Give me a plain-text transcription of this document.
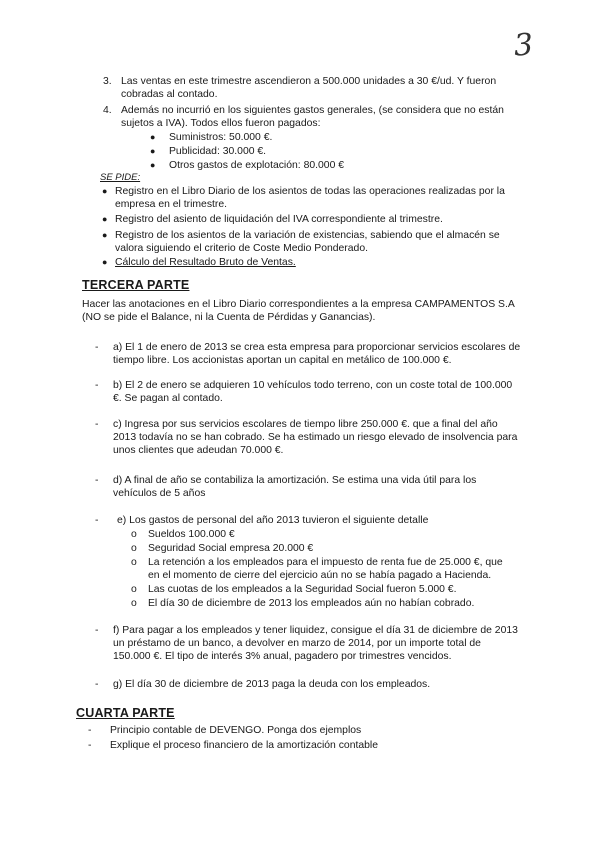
3
3. Las ventas en este trimestre ascendieron a 500.000 unidades a 30 €/ud. Y fueron
cobradas al contado.
4. Además no incurrió en los siguientes gastos generales, (se considera que no están
sujetos a IVA). Todos ellos fueron pagados:
● Suministros: 50.000 €.
● Publicidad: 30.000 €.
● Otros gastos de explotación: 80.000 €
SE PIDE:
● Registro en el Libro Diario de los asientos de todas las operaciones realizadas por la
empresa en el trimestre.
● Registro del asiento de liquidación del IVA correspondiente al trimestre.
● Registro de los asientos de la variación de existencias, sabiendo que el almacén se
valora siguiendo el criterio de Coste Medio Ponderado.
● Cálculo del Resultado Bruto de Ventas.
TERCERA PARTE
Hacer las anotaciones en el Libro Diario correspondientes a la empresa CAMPAMENTOS S.A
(NO se pide el Balance, ni la Cuenta de Pérdidas y Ganancias).
- a) El 1 de enero de 2013 se crea esta empresa para proporcionar servicios escolares de
tiempo libre. Los accionistas aportan un capital en metálico de 100.000 €.
- b) El 2 de enero se adquieren 10 vehículos todo terreno, con un coste total de 100.000
€. Se pagan al contado.
- c) Ingresa por sus servicios escolares de tiempo libre 250.000 €. que a final del año
2013 todavía no se han cobrado. Se ha estimado un riesgo elevado de insolvencia para
unos clientes que adeudan 70.000 €.
- d) A final de año se contabiliza la amortización. Se estima una vida útil para los
vehículos de 5 años
- e) Los gastos de personal del año 2013 tuvieron el siguiente detalle
o Sueldos 100.000 €
o Seguridad Social empresa 20.000 €
o La retención a los empleados para el impuesto de renta fue de 25.000 €, que
en el momento de cierre del ejercicio aún no se había pagado a Hacienda.
o Las cuotas de los empleados a la Seguridad Social fueron 5.000 €.
o El día 30 de diciembre de 2013 los empleados aún no habían cobrado.
- f) Para pagar a los empleados y tener liquidez, consigue el día 31 de diciembre de 2013
un préstamo de un banco, a devolver en marzo de 2014, por un importe total de
150.000 €. El tipo de interés 3% anual, pagadero por trimestres vencidos.
- g) El día 30 de diciembre de 2013 paga la deuda con los empleados.
CUARTA PARTE
- Principio contable de DEVENGO. Ponga dos ejemplos
- Explique el proceso financiero de la amortización contable
